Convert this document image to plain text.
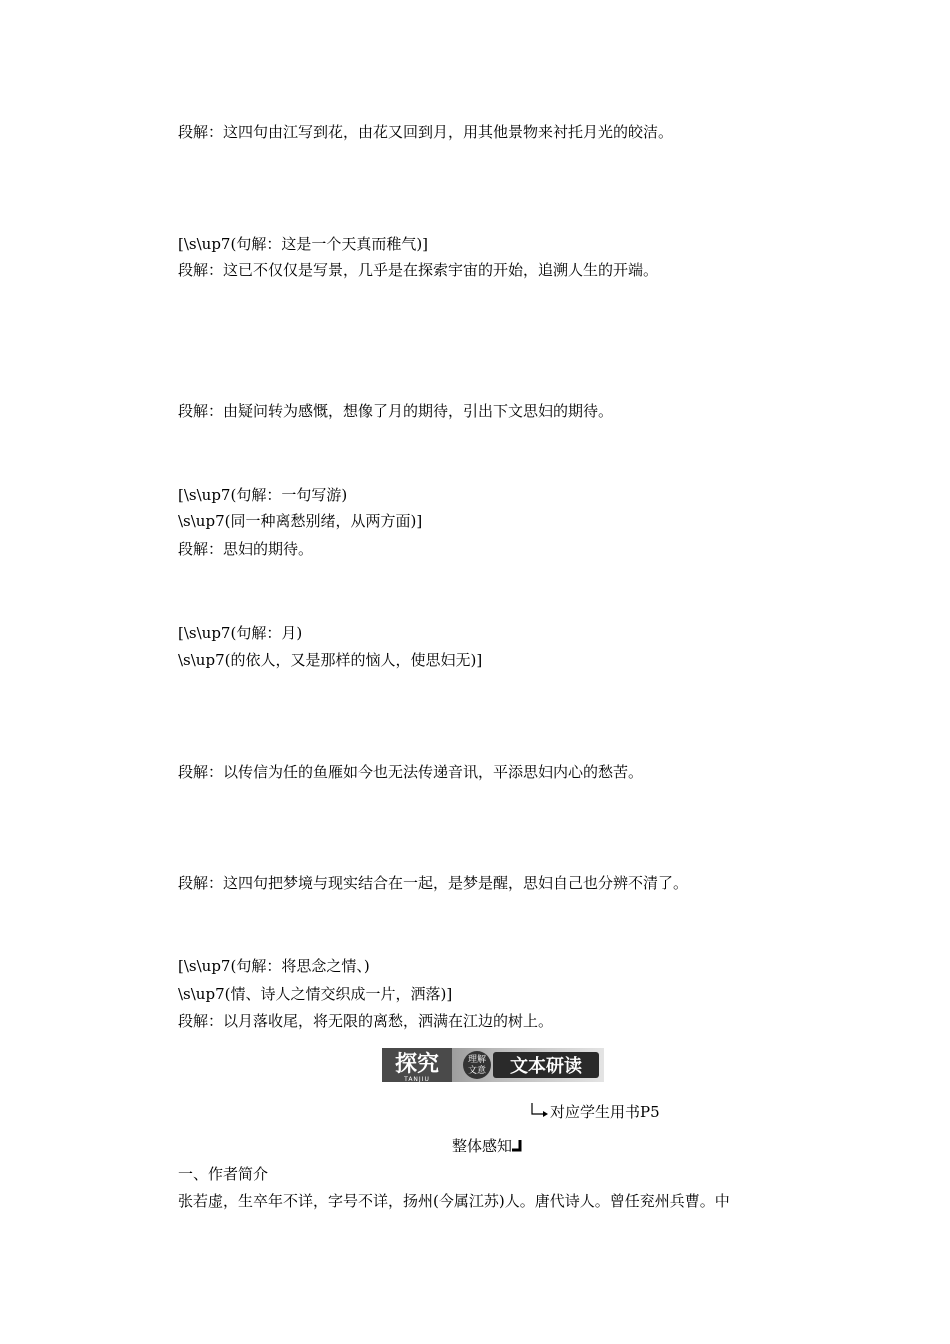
段解：这四句由江写到花，由花又回到月，用其他景物来衬托月光的皎洁。
[\s\up7(句解：这是一个天真而稚气)]
段解：这已不仅仅是写景，几乎是在探索宇宙的开始，追溯人生的开端。
段解：由疑问转为感慨，想像了月的期待，引出下文思妇的期待。
[\s\up7(句解：一句写游)
\s\up7(同一种离愁别绪，从两方面)]
段解：思妇的期待。
[\s\up7(句解：月)
\s\up7(的依人，又是那样的恼人，使思妇无)]
段解：以传信为任的鱼雁如今也无法传递音讯，平添思妇内心的愁苦。
段解：这四句把梦境与现实结合在一起，是梦是醒，思妇自己也分辨不清了。
[\s\up7(句解：将思念之情、)
\s\up7(情、诗人之情交织成一片，洒落)]
段解：以月落收尾，将无限的离愁，洒满在江边的树上。
探究
TANJIU
理解
文意 文本研读
对应学生用书P5
整体感知
一、作者简介
张若虚，生卒年不详，字号不详，扬州(今属江苏)人。唐代诗人。曾任兖州兵曹。中
